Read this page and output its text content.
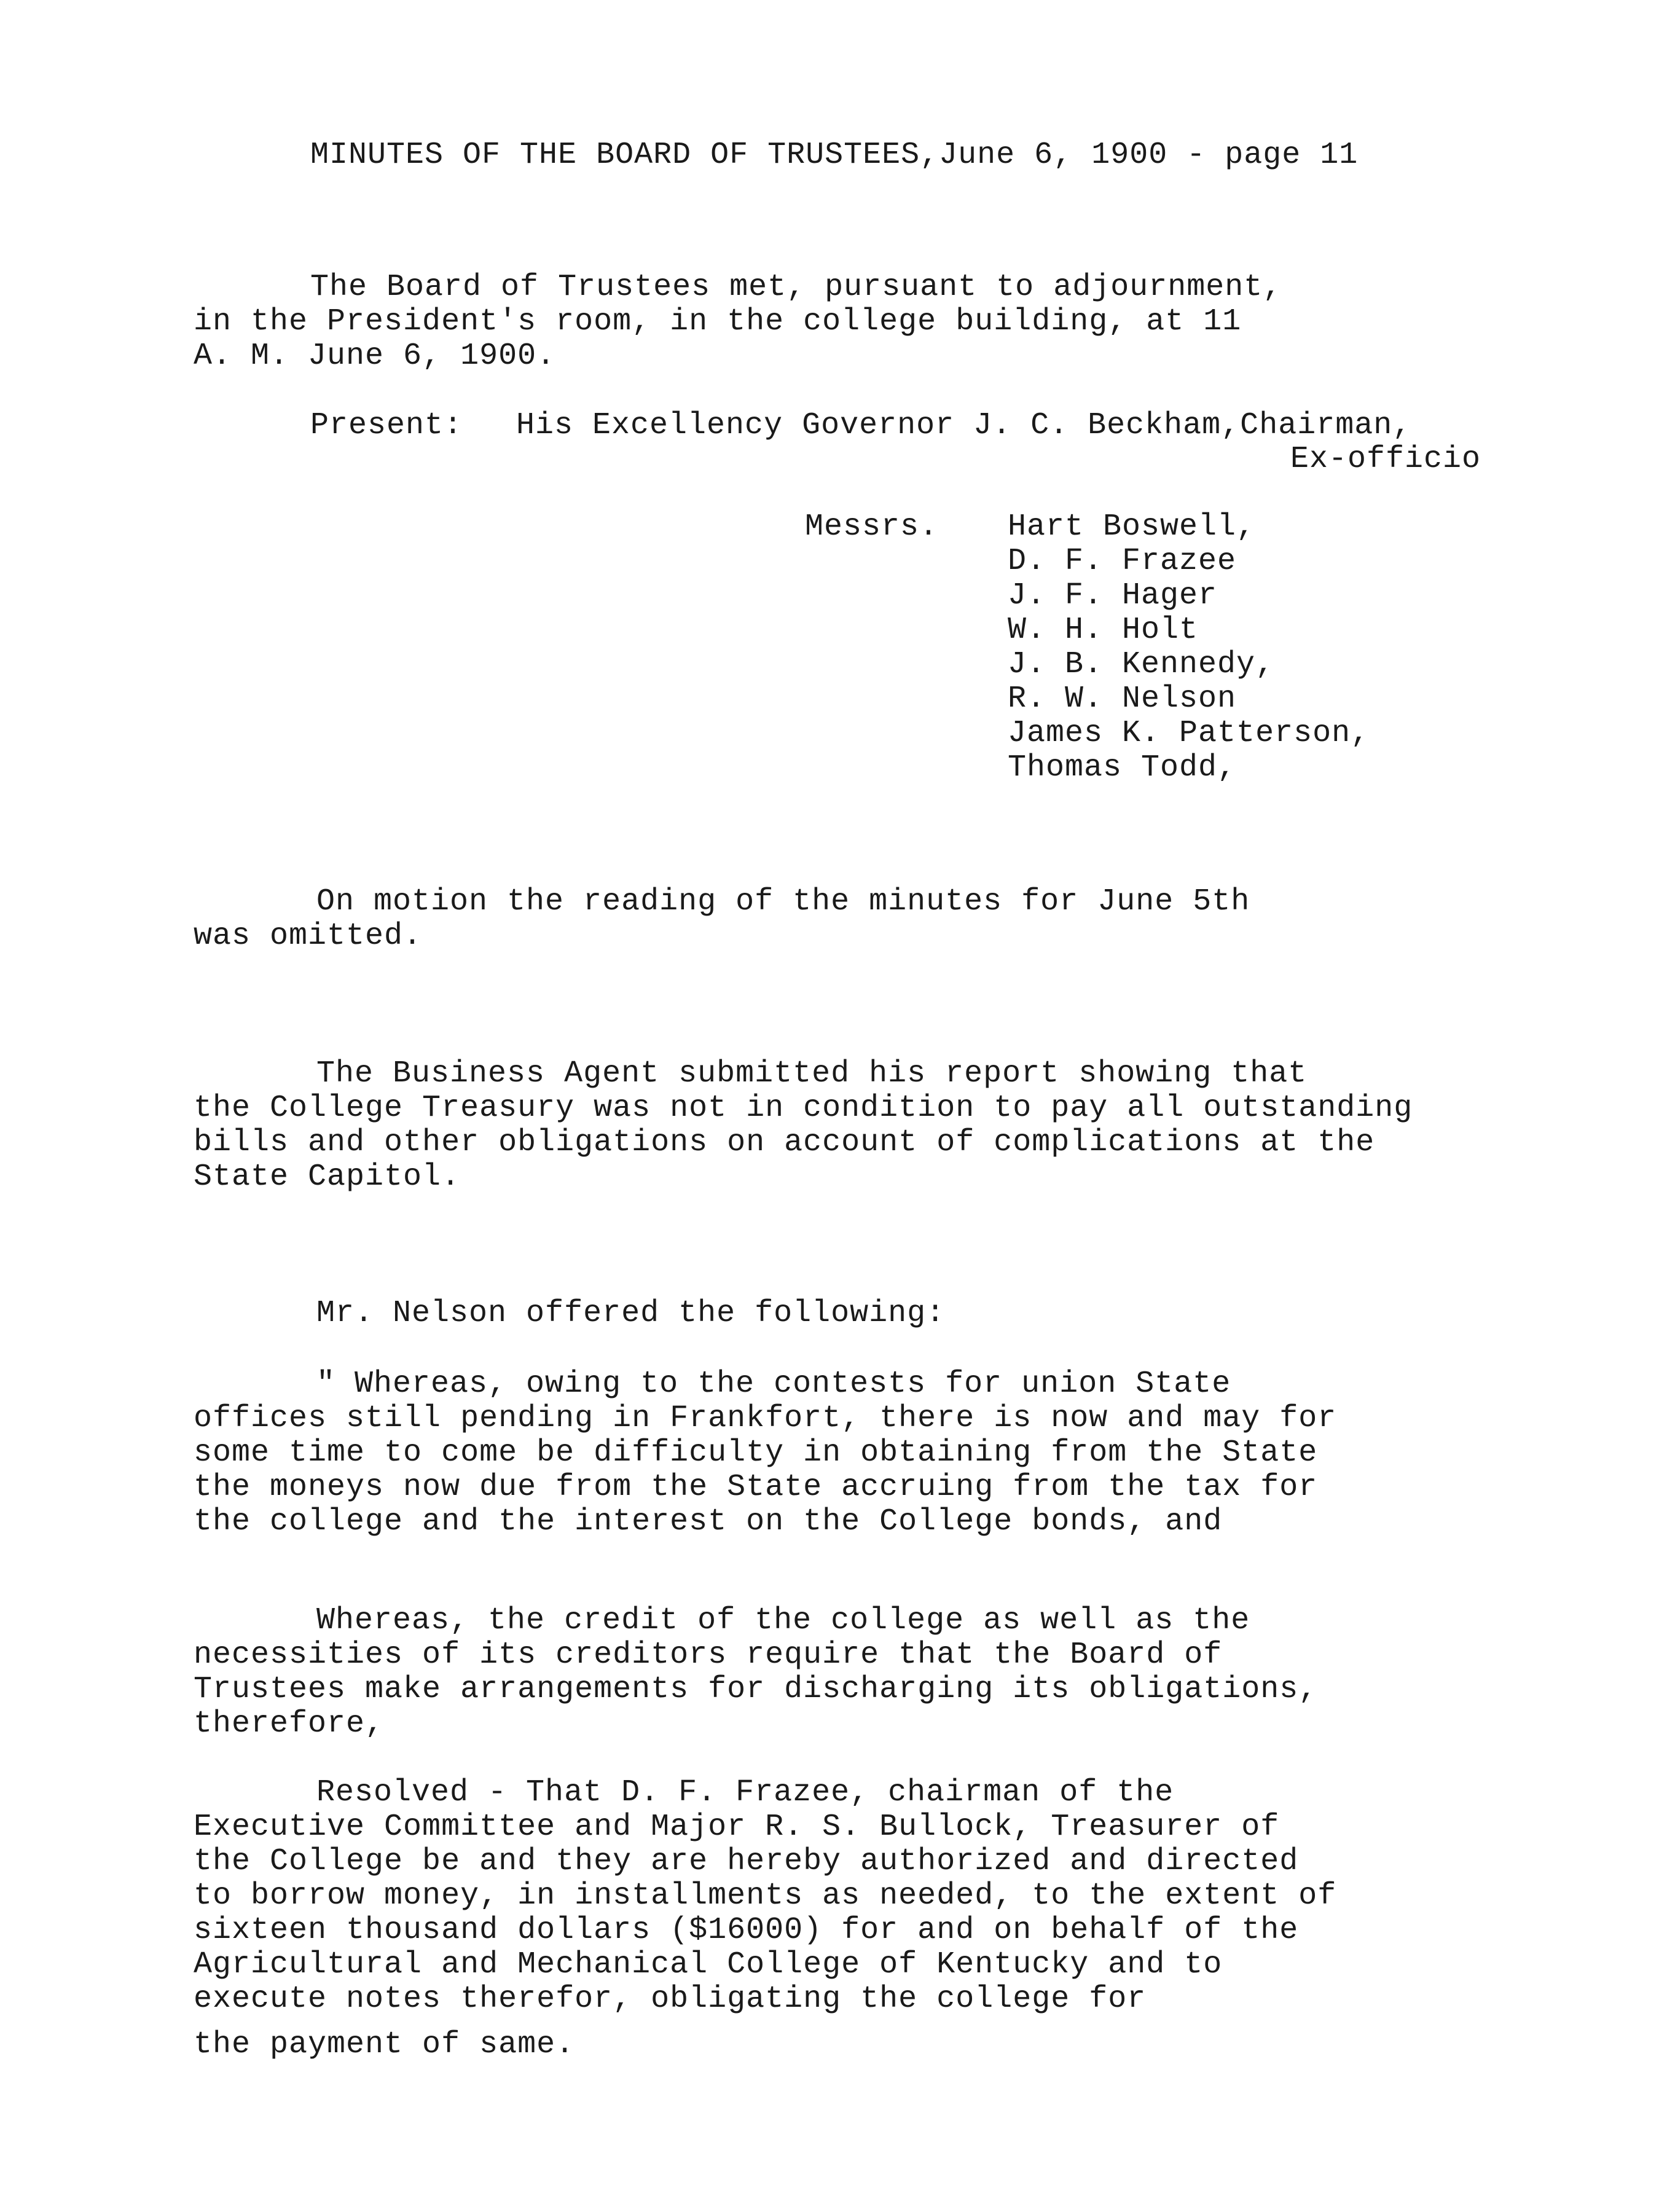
MINUTES OF THE BOARD OF TRUSTEES,June 6, 1900 - page 11
The Board of Trustees met, pursuant to adjournment,
in the President's room, in the college building, at 11
A. M. June 6, 1900.
Present: His Excellency Governor J. C. Beckham,Chairman,
Ex-officio
Messrs. Hart Boswell,
D. F. Frazee
J. F. Hager
W. H. Holt
J. B. Kennedy,
R. W. Nelson
James K. Patterson,
Thomas Todd,
On motion the reading of the minutes for June 5th
was omitted.
The Business Agent submitted his report showing that
the College Treasury was not in condition to pay all outstanding
bills and other obligations on account of complications at the
State Capitol.
Mr. Nelson offered the following:
" Whereas, owing to the contests for union State
offices still pending in Frankfort, there is now and may for
some time to come be difficulty in obtaining from the State
the moneys now due from the State accruing from the tax for
the college and the interest on the College bonds, and
Whereas, the credit of the college as well as the
necessities of its creditors require that the Board of
Trustees make arrangements for discharging its obligations,
therefore,
Resolved - That D. F. Frazee, chairman of the
Executive Committee and Major R. S. Bullock, Treasurer of
the College be and they are hereby authorized and directed
to borrow money, in installments as needed, to the extent of
sixteen thousand dollars ($16000) for and on behalf of the
Agricultural and Mechanical College of Kentucky and to
execute notes therefor, obligating the college for
the payment of same.
